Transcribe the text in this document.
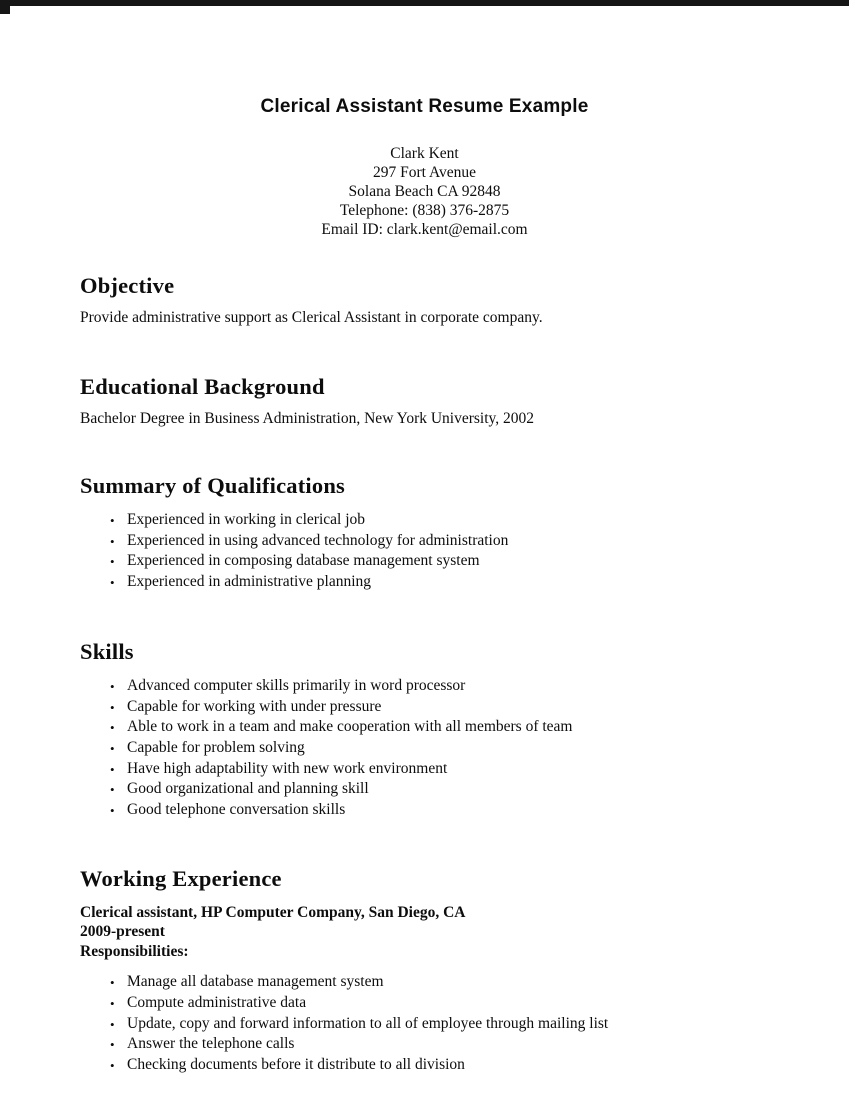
Clerical Assistant Resume Example
Clark Kent
297 Fort Avenue
Solana Beach CA 92848
Telephone: (838) 376-2875
Email ID: clark.kent@email.com
Objective

Provide administrative support as Clerical Assistant in corporate company.

Educational Background

Bachelor Degree in Business Administration, New York University, 2002

Summary of Qualifications
• Experienced in working in clerical job
• Experienced in using advanced technology for administration
• Experienced in composing database management system
• Experienced in administrative planning
Skills
• Advanced computer skills primarily in word processor
• Capable for working with under pressure
• Able to work in a team and make cooperation with all members of team
• Capable for problem solving
• Have high adaptability with new work environment
• Good organizational and planning skill
• Good telephone conversation skills
Working Experience

Clerical assistant, HP Computer Company, San Diego, CA

2009-present

Responsibilities:

• Manage all database management system
• Compute administrative data
• Update, copy and forward information to all of employee through mailing list
• Answer the telephone calls
• Checking documents before it distribute to all division
